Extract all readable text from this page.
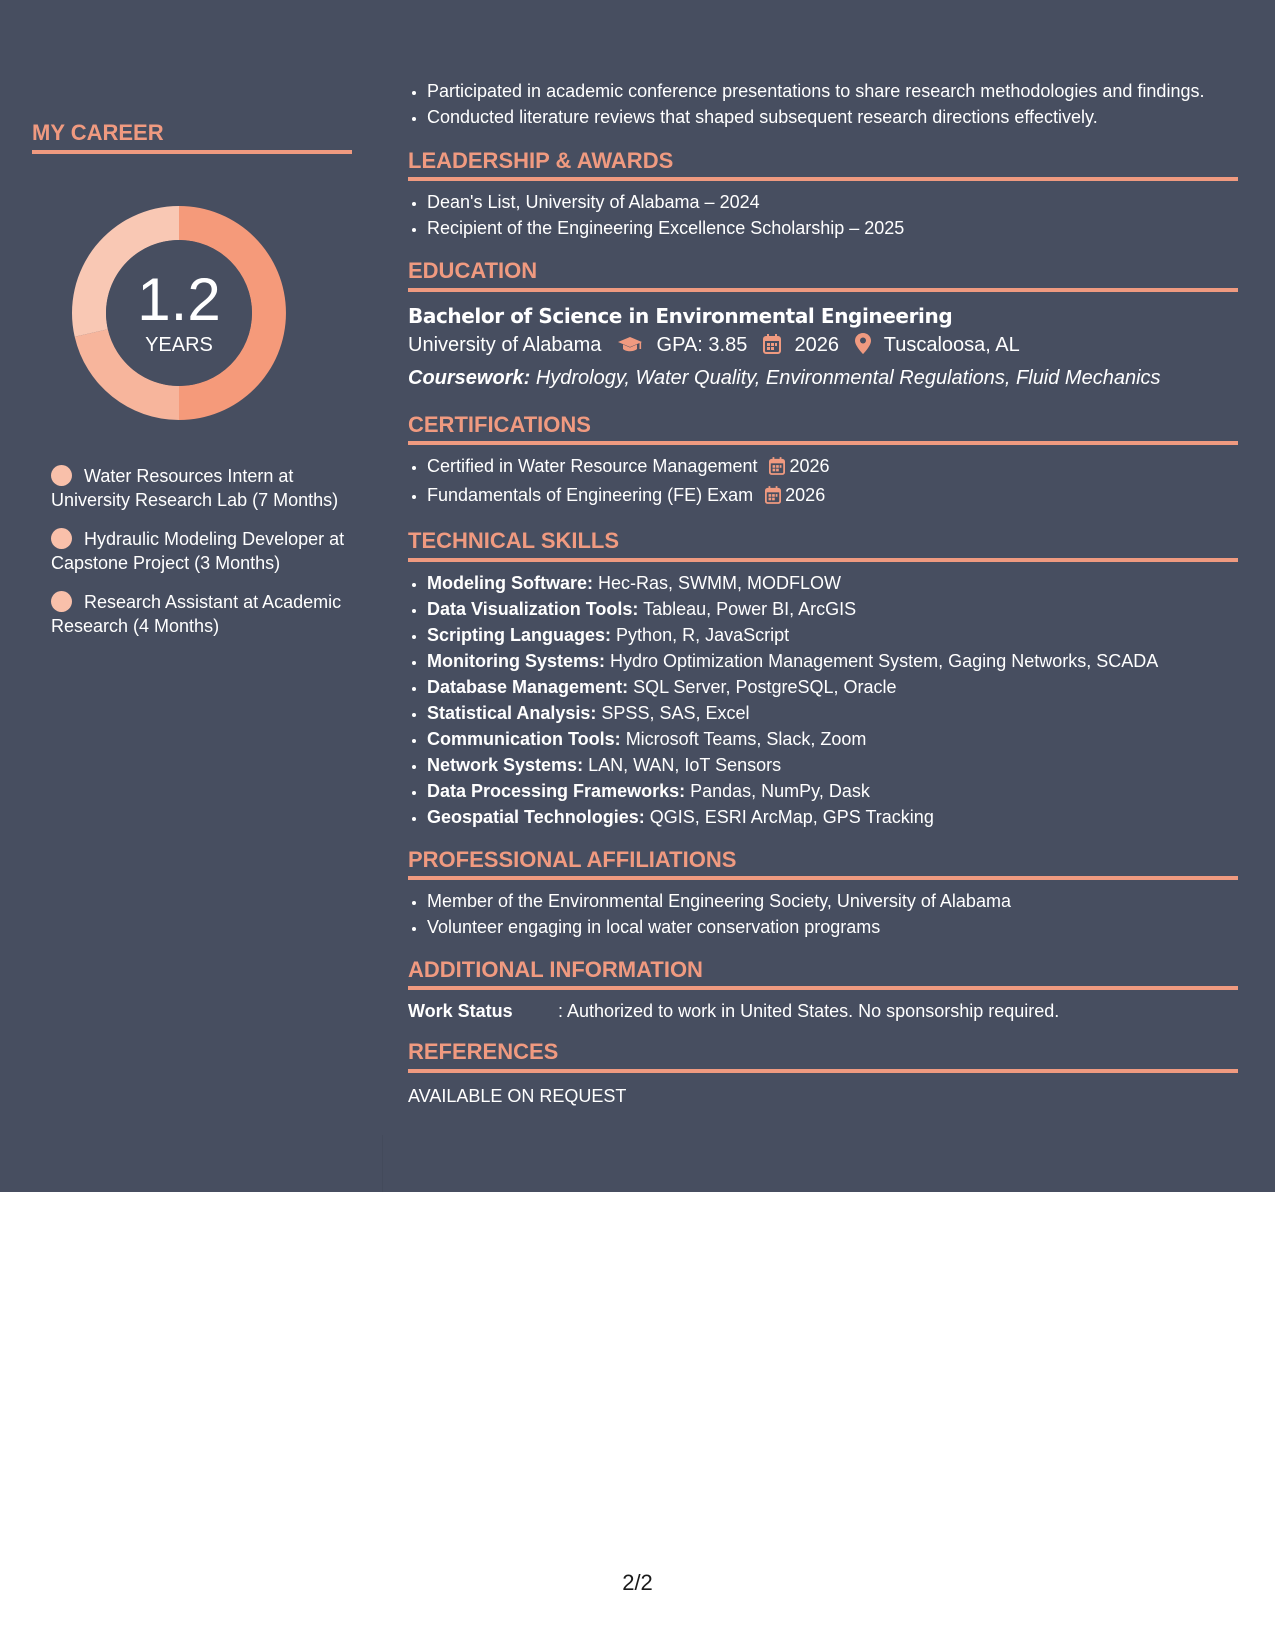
MY CAREER
1.2
YEARS
Water Resources Intern at University Research Lab (7 Months)
Hydraulic Modeling Developer at Capstone Project (3 Months)
Research Assistant at Academic Research (4 Months)
• Participated in academic conference presentations to share research methodologies and findings.
• Conducted literature reviews that shaped subsequent research directions effectively.
LEADERSHIP & AWARDS
• Dean's List, University of Alabama – 2024
• Recipient of the Engineering Excellence Scholarship – 2025
EDUCATION

Bachelor of Science in Environmental Engineering

University of Alabama	GPA: 3.85 2026 Tuscaloosa, AL

Coursework: Hydrology, Water Quality, Environmental Regulations, Fluid Mechanics

CERTIFICATIONS
• Certified in Water Resource Management 2026
• Fundamentals of Engineering (FE) Exam 2026
TECHNICAL SKILLS
• Modeling Software: Hec-Ras, SWMM, MODFLOW
• Data Visualization Tools: Tableau, Power BI, ArcGIS
• Scripting Languages: Python, R, JavaScript
• Monitoring Systems: Hydro Optimization Management System, Gaging Networks, SCADA
• Database Management: SQL Server, PostgreSQL, Oracle
• Statistical Analysis: SPSS, SAS, Excel
• Communication Tools: Microsoft Teams, Slack, Zoom
• Network Systems: LAN, WAN, IoT Sensors
• Data Processing Frameworks: Pandas, NumPy, Dask
• Geospatial Technologies: QGIS, ESRI ArcMap, GPS Tracking
PROFESSIONAL AFFILIATIONS
• Member of the Environmental Engineering Society, University of Alabama
• Volunteer engaging in local water conservation programs
ADDITIONAL INFORMATION

Work Status	: Authorized to work in United States. No sponsorship required.

REFERENCES

AVAILABLE ON REQUEST

2/2
